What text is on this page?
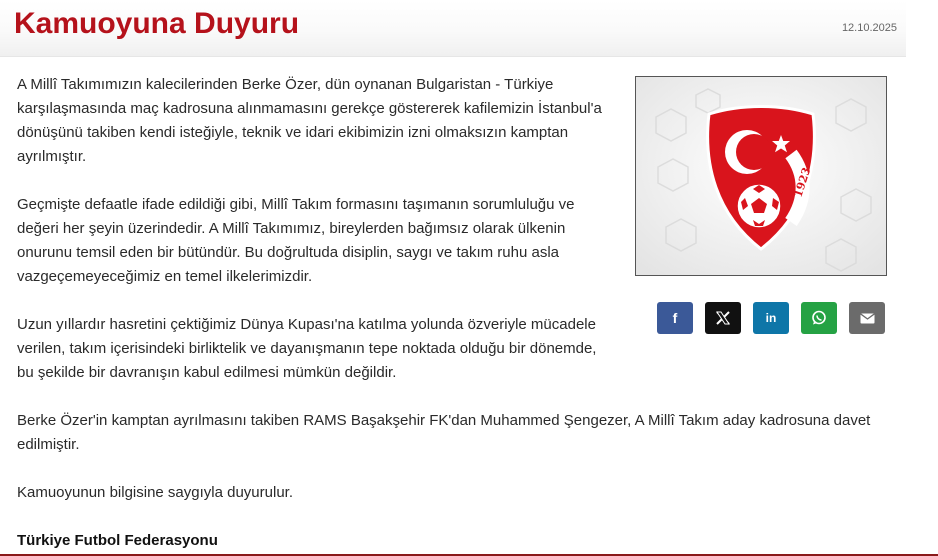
Kamuoyuna Duyuru	12.10.2025
1923

A Millî Takımımızın kalecilerinden Berke Özer, dün oynanan Bulgaristan - Türkiye karşılaşmasında maç kadrosuna alınmamasını gerekçe göstererek kafilemizin İstanbul'a dönüşünü takiben kendi isteğiyle, teknik ve idari ekibimizin izni olmaksızın kamptan ayrılmıştır.

Geçmişte defaatle ifade edildiği gibi, Millî Takım formasını taşımanın sorumluluğu ve değeri her şeyin üzerindedir. A Millî Takımımız, bireylerden bağımsız olarak ülkenin onurunu temsil eden bir bütündür. Bu doğrultuda disiplin, saygı ve takım ruhu asla vazgeçemeyeceğimiz en temel ilkelerimizdir.

Uzun yıllardır hasretini çektiğimiz Dünya Kupası'na katılma yolunda özveriyle mücadele verilen, takım içerisindeki birliktelik ve dayanışmanın tepe noktada olduğu bir dönemde, bu şekilde bir davranışın kabul edilmesi mümkün değildir.

Berke Özer'in kamptan ayrılmasını takiben RAMS Başakşehir FK'dan Muhammed Şengezer, A Millî Takım aday kadrosuna davet edilmiştir.

Kamuoyunun bilgisine saygıyla duyurulur.

Türkiye Futbol Federasyonu

f	in
